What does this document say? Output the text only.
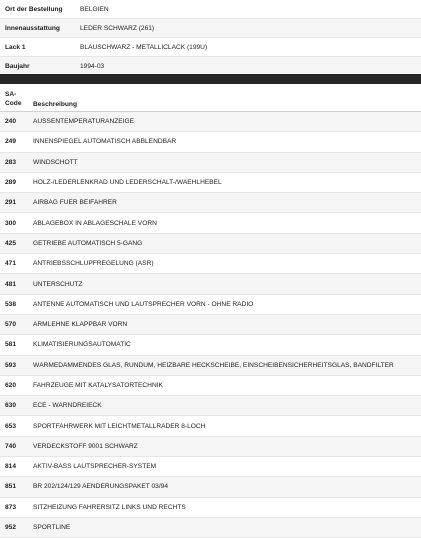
Ort der Bestellung	BELGIEN
Innenausstattung	LEDER SCHWARZ (261)
Lack 1	BLAUSCHWARZ - METALLICLACK (199U)
Baujahr	1994-03
SA-
Code	Beschreibung
240	AUSSENTEMPERATURANZEIGE
249	INNENSPIEGEL AUTOMATISCH ABBLENDBAR
283	WINDSCHOTT
289	HOLZ-/LEDERLENKRAD UND LEDERSCHALT-/WAEHLHEBEL
291	AIRBAG FUER BEIFAHRER
300	ABLAGEBOX IN ABLAGESCHALE VORN
425	GETRIEBE AUTOMATISCH 5-GANG
471	ANTRIEBSSCHLUPFREGELUNG (ASR)
481	UNTERSCHUTZ
538	ANTENNE AUTOMATISCH UND LAUTSPRECHER VORN - OHNE RADIO
570	ARMLEHNE KLAPPBAR VORN
581	KLIMATISIERUNGSAUTOMATIC
593	WÄRMEDÄMMENDES GLAS, RUNDUM, HEIZBARE HECKSCHEIBE, EINSCHEIBENSICHERHEITSGLAS, BANDFILTER
620	FAHRZEUGE MIT KATALYSATORTECHNIK
630	ECE - WARNDREIECK
653	SPORTFAHRWERK MIT LEICHTMETALLRÄDER 8-LOCH
740	VERDECKSTOFF 9001 SCHWARZ
814	AKTIV-BASS LAUTSPRECHER-SYSTEM
851	BR 202/124/129 AENDERUNGSPAKET 03/94
873	SITZHEIZUNG FAHRERSITZ LINKS UND RECHTS
952	SPORTLINE
